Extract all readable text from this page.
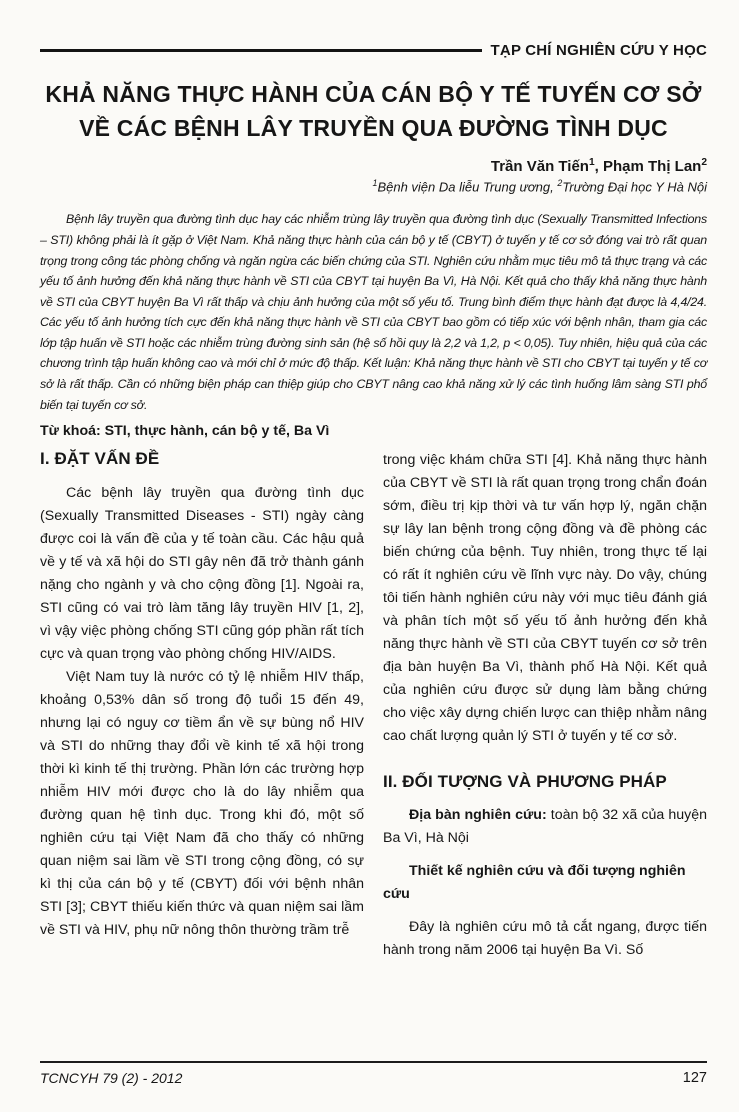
TẠP CHÍ NGHIÊN CỨU Y HỌC
KHẢ NĂNG THỰC HÀNH CỦA CÁN BỘ Y TẾ TUYẾN CƠ SỞ
VỀ CÁC BỆNH LÂY TRUYỀN QUA ĐƯỜNG TÌNH DỤC
Trần Văn Tiến$^1$, Phạm Thị Lan$^2$
$^1$Bệnh viện Da liễu Trung ương, $^2$Trường Đại học Y Hà Nội

Bệnh lây truyền qua đường tình dục hay các nhiễm trùng lây truyền qua đường tình dục (Sexually Transmitted Infections – STI) không phải là ít gặp ở Việt Nam. Khả năng thực hành của cán bộ y tế (CBYT) ở tuyến y tế cơ sở đóng vai trò rất quan trọng trong công tác phòng chống và ngăn ngừa các biến chứng của STI. Nghiên cứu nhằm mục tiêu mô tả thực trạng và các yếu tố ảnh hưởng đến khả năng thực hành về STI của CBYT tại huyện Ba Vì, Hà Nội. Kết quả cho thấy khả năng thực hành về STI của CBYT huyện Ba Vì rất thấp và chịu ảnh hưởng của một số yếu tố. Trung bình điểm thực hành đạt được là 4,4/24. Các yếu tố ảnh hưởng tích cực đến khả năng thực hành về STI của CBYT bao gồm có tiếp xúc với bệnh nhân, tham gia các lớp tập huấn về STI hoặc các nhiễm trùng đường sinh sản (hệ số hồi quy là 2,2 và 1,2, p < 0,05). Tuy nhiên, hiệu quả của các chương trình tập huấn không cao và mới chỉ ở mức độ thấp. Kết luận: Khả năng thực hành về STI cho CBYT tại tuyến y tế cơ sở là rất thấp. Cần có những biện pháp can thiệp giúp cho CBYT nâng cao khả năng xử lý các tình huống lâm sàng STI phổ biến tại tuyến cơ sở.

Từ khoá: STI, thực hành, cán bộ y tế, Ba Vì

I. ĐẶT VẤN ĐỀ

Các bệnh lây truyền qua đường tình dục (Sexually Transmitted Diseases - STI) ngày càng được coi là vấn đề của y tế toàn cầu. Các hậu quả về y tế và xã hội do STI gây nên đã trở thành gánh nặng cho ngành y và cho cộng đồng [1]. Ngoài ra, STI cũng có vai trò làm tăng lây truyền HIV [1, 2], vì vậy việc phòng chống STI cũng góp phần rất tích cực và quan trọng vào phòng chống HIV/AIDS.

Việt Nam tuy là nước có tỷ lệ nhiễm HIV thấp, khoảng 0,53% dân số trong độ tuổi 15 đến 49, nhưng lại có nguy cơ tiềm ẩn về sự bùng nổ HIV và STI do những thay đổi về kinh tế xã hội trong thời kì kinh tế thị trường. Phần lớn các trường hợp nhiễm HIV mới được cho là do lây nhiễm qua đường quan hệ tình dục. Trong khi đó, một số nghiên cứu tại Việt Nam đã cho thấy có những quan niệm sai lầm về STI trong cộng đồng, có sự kì thị của cán bộ y tế (CBYT) đối với bệnh nhân STI [3]; CBYT thiếu kiến thức và quan niệm sai lầm về STI và HIV, phụ nữ nông thôn thường trầm trễ

trong việc khám chữa STI [4]. Khả năng thực hành của CBYT về STI là rất quan trọng trong chẩn đoán sớm, điều trị kịp thời và tư vấn hợp lý, ngăn chặn sự lây lan bệnh trong cộng đồng và đề phòng các biến chứng của bệnh. Tuy nhiên, trong thực tế lại có rất ít nghiên cứu về lĩnh vực này. Do vậy, chúng tôi tiến hành nghiên cứu này với mục tiêu đánh giá và phân tích một số yếu tố ảnh hưởng đến khả năng thực hành về STI của CBYT tuyến cơ sở trên địa bàn huyện Ba Vì, thành phố Hà Nội. Kết quả của nghiên cứu được sử dụng làm bằng chứng cho việc xây dựng chiến lược can thiệp nhằm nâng cao chất lượng quản lý STI ở tuyến y tế cơ sở.

II. ĐỐI TƯỢNG VÀ PHƯƠNG PHÁP

Địa bàn nghiên cứu: toàn bộ 32 xã của huyện Ba Vì, Hà Nội

Thiết kế nghiên cứu và đối tượng nghiên cứu

Đây là nghiên cứu mô tả cắt ngang, được tiến hành trong năm 2006 tại huyện Ba Vì. Số

TCNCYH 79 (2) - 2012	127
